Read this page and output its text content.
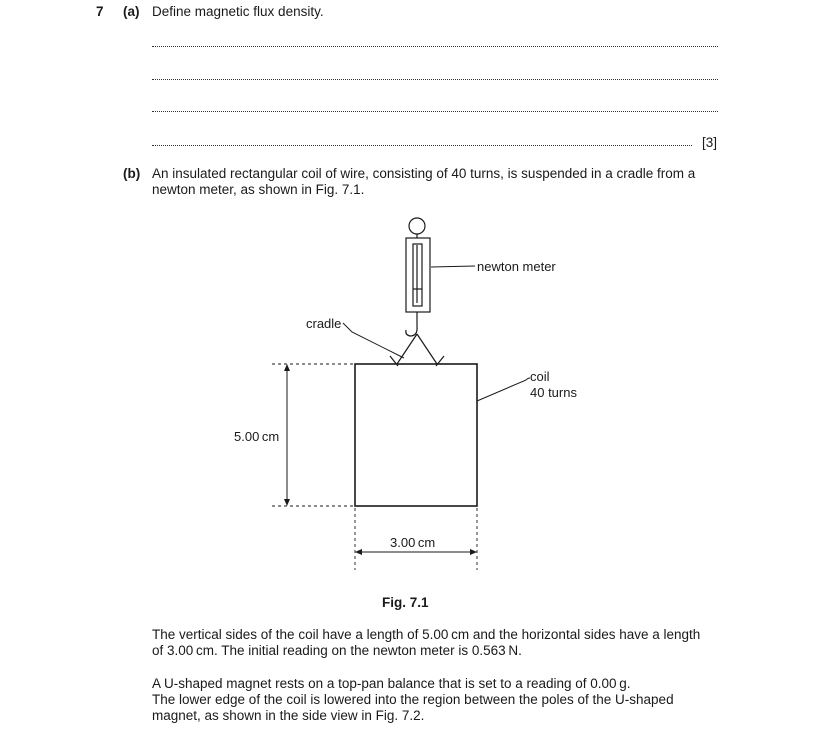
7 (a) Define magnetic flux density.
[3]
(b) An insulated rectangular coil of wire, consisting of 40 turns, is suspended in a cradle from a
newton meter, as shown in Fig. 7.1.
newton meter
cradle
coil
40 turns
5.00 cm
3.00 cm
Fig. 7.1
The vertical sides of the coil have a length of 5.00 cm and the horizontal sides have a length
of 3.00 cm. The initial reading on the newton meter is 0.563 N.
A U-shaped magnet rests on a top-pan balance that is set to a reading of 0.00 g.
The lower edge of the coil is lowered into the region between the poles of the U-shaped
magnet, as shown in the side view in Fig. 7.2.
